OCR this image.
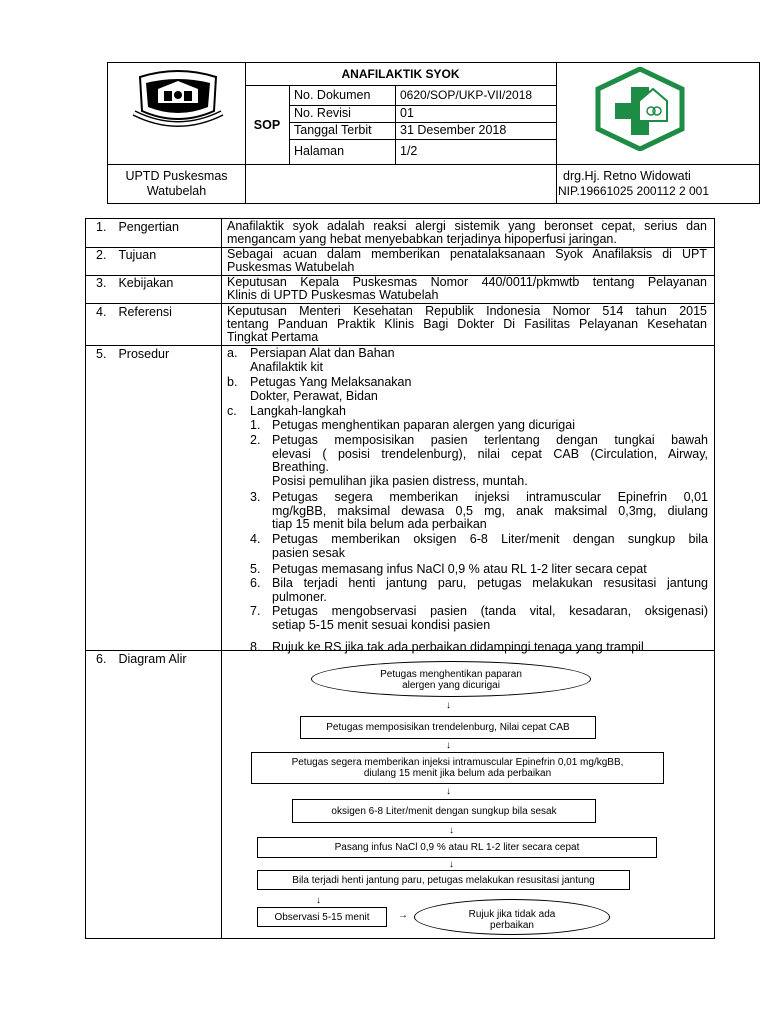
ANAFILAKTIK SYOK
SOP
No. Dokumen 0620/SOP/UKP-VII/2018
No. Revisi	01
Tanggal Terbit 31 Desember 2018
Halaman	1/2
UPTD Puskesmas
Watubelah
drg.Hj. Retno Widowati
NIP.19661025 200112 2 001
1. Pengertian	Anafilaktik syok adalah reaksi alergi sistemik yang beronset cepat, serius dan
mengancam yang hebat menyebabkan terjadinya hipoperfusi jaringan.
2. Tujuan	Sebagai acuan dalam memberikan penatalaksanaan Syok Anafilaksis di UPT
Puskesmas Watubelah
3. Kebijakan	Keputusan Kepala Puskesmas Nomor 440/0011/pkmwtb tentang Pelayanan
Klinis di UPTD Puskesmas Watubelah
4. Referensi	Keputusan Menteri Kesehatan Republik Indonesia Nomor 514 tahun 2015
tentang Panduan Praktik Klinis Bagi Dokter Di Fasilitas Pelayanan Kesehatan
Tingkat Pertama
5. Prosedur	a. Persiapan Alat dan Bahan
Anafilaktik kit
b. Petugas Yang Melaksanakan
Dokter, Perawat, Bidan
c. Langkah-langkah
1. Petugas menghentikan paparan alergen yang dicurigai
2. Petugas memposisikan pasien terlentang dengan tungkai bawah
elevasi ( posisi trendelenburg), nilai cepat CAB (Circulation, Airway,
Breathing.
Posisi pemulihan jika pasien distress, muntah.
3. Petugas segera memberikan injeksi intramuscular Epinefrin 0,01
mg/kgBB, maksimal dewasa 0,5 mg, anak maksimal 0,3mg, diulang
tiap 15 menit bila belum ada perbaikan
4. Petugas memberikan oksigen 6-8 Liter/menit dengan sungkup bila
pasien sesak
5. Petugas memasang infus NaCl 0,9 % atau RL 1-2 liter secara cepat
6. Bila terjadi henti jantung paru, petugas melakukan resusitasi jantung
pulmoner.
7. Petugas mengobservasi pasien (tanda vital, kesadaran, oksigenasi)
setiap 5-15 menit sesuai kondisi pasien
8. Rujuk ke RS jika tak ada perbaikan didampingi tenaga yang trampil
6. Diagram Alir
Petugas menghentikan paparan
alergen yang dicurigai
↓
Petugas memposisikan trendelenburg, Nilai cepat CAB
↓
Petugas segera memberikan injeksi intramuscular Epinefrin 0,01 mg/kgBB,
diulang 15 menit jika belum ada perbaikan
↓
oksigen 6-8 Liter/menit dengan sungkup bila sesak
↓
Pasang infus NaCl 0,9 % atau RL 1-2 liter secara cepat
↓
Bila terjadi henti jantung paru, petugas melakukan resusitasi jantung
↓
Observasi 5-15 menit	→	Rujuk jika tidak ada
perbaikan
